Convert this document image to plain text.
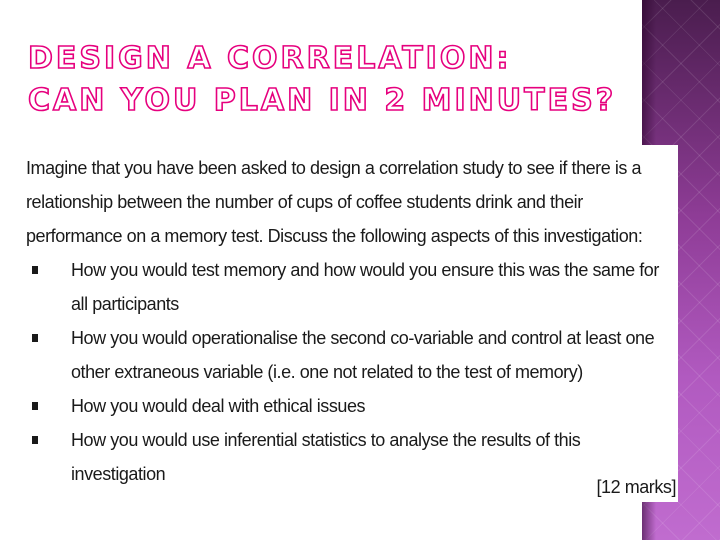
DESIGN A CORRELATION:
CAN YOU PLAN IN 2 MINUTES?

Imagine that you have been asked to design a correlation study to see if there is a relationship between the number of cups of coffee students drink and their performance on a memory test. Discuss the following aspects of this investigation:

How you would test memory and how would you ensure this was the same for all participants
How you would operationalise the second co-variable and control at least one other extraneous variable (i.e. one not related to the test of memory)
How you would deal with ethical issues
How you would use inferential statistics to analyse the results of this investigation
[12 marks]
